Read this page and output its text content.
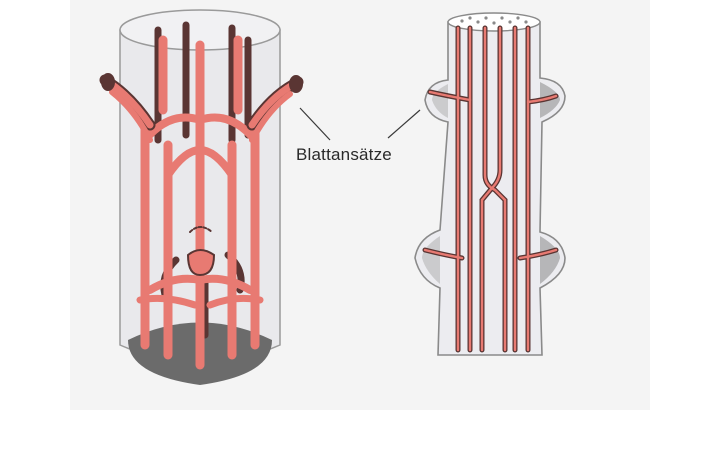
Blattansätze
